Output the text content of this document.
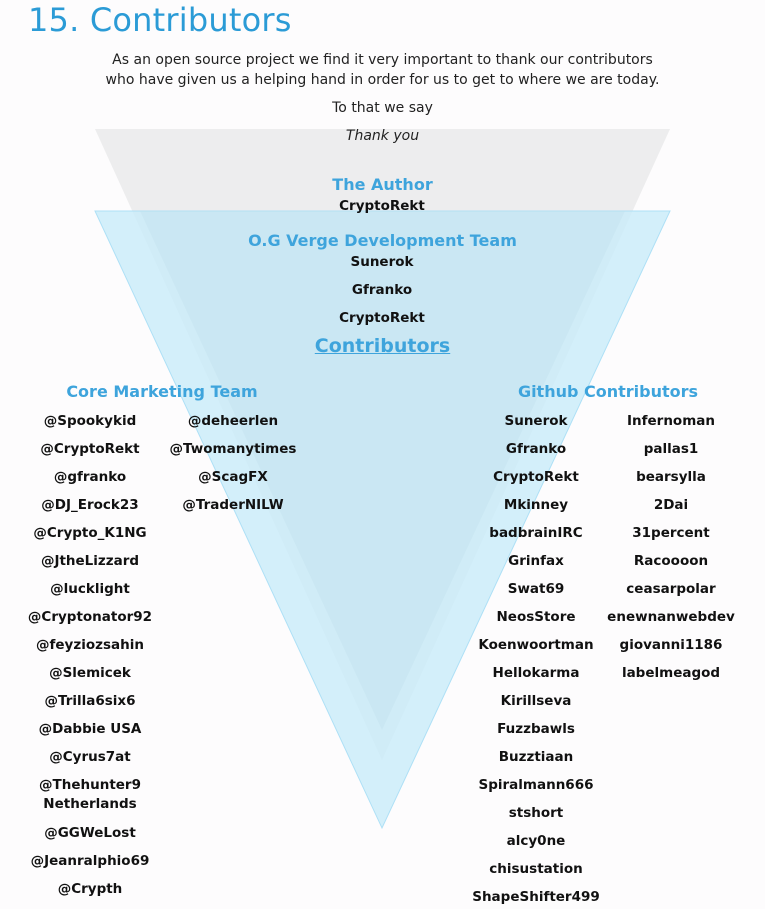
15. Contributors
As an open source project we find it very important to thank our contributors
who have given us a helping hand in order for us to get to where we are today.
To that we say
Thank you
The Author
CryptoRekt
O.G Verge Development Team
Sunerok
Gfranko
CryptoRekt
Contributors
Core Marketing Team	Github Contributors
@Spookykid
@CryptoRekt
@gfranko
@DJ_Erock23
@Crypto_K1NG
@JtheLizzard
@lucklight
@Cryptonator92
@feyziozsahin
@Slemicek
@Trilla6six6
@Dabbie USA
@Cyrus7at
@Thehunter9 Netherlands
@GGWeLost
@Jeanralphio69
@Crypth
@deheerlen
@Twomanytimes
@ScagFX
@TraderNILW
Sunerok
Gfranko
CryptoRekt
Mkinney
badbrainIRC
Grinfax
Swat69
NeosStore
Koenwoortman
Hellokarma
Kirillseva
Fuzzbawls
Buzztiaan
Spiralmann666
stshort
alcy0ne
chisustation
ShapeShifter499
Infernoman
pallas1
bearsylla
2Dai
31percent
Racoooon
ceasarpolar
enewnanwebdev
giovanni1186
labelmeagod
